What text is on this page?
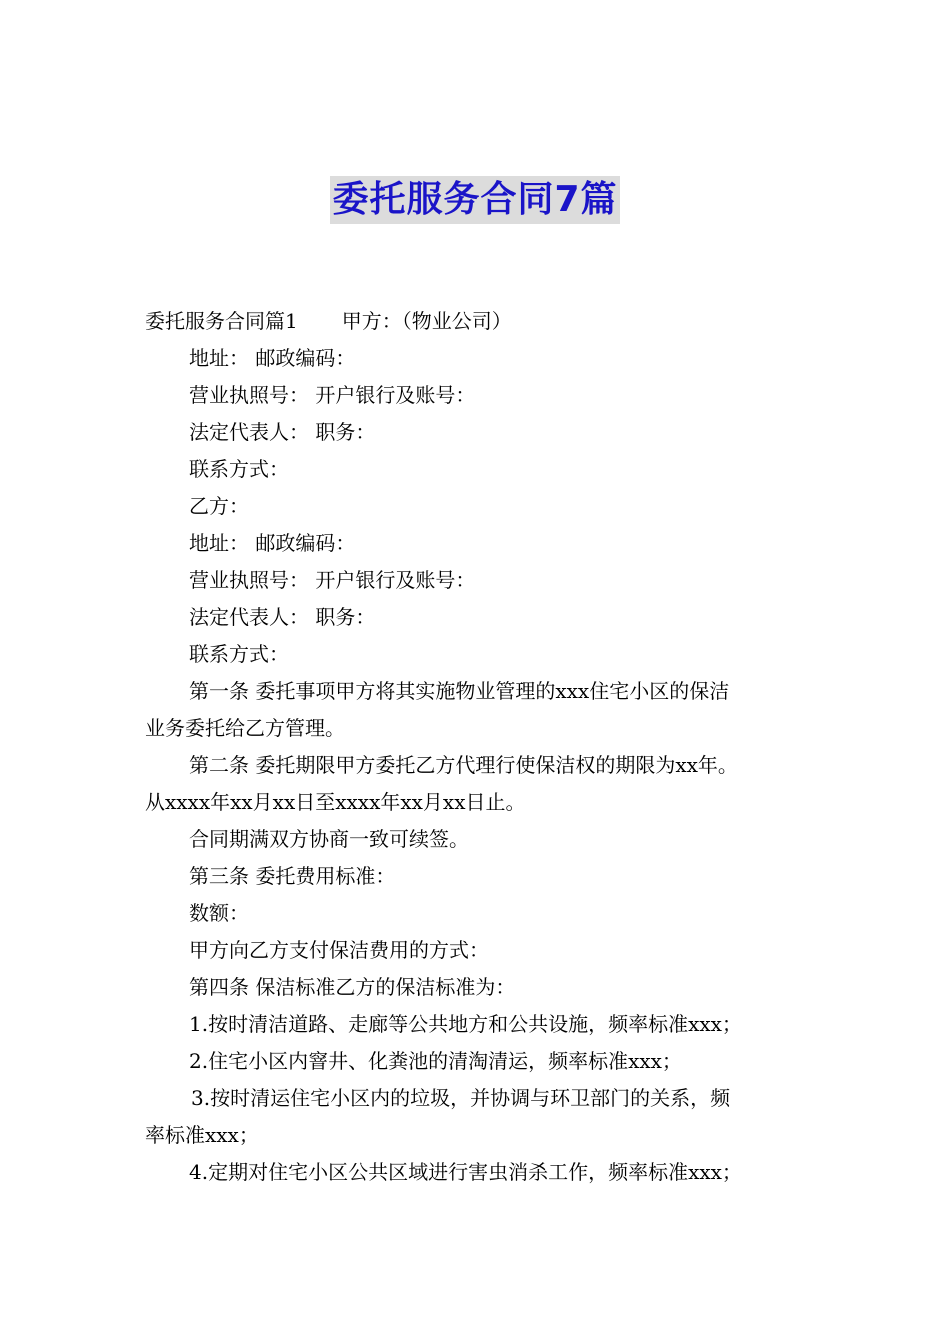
委托服务合同7篇
委托服务合同篇1 甲方：（物业公司）
地址： 邮政编码：
营业执照号： 开户银行及账号：
法定代表人： 职务：
联系方式：
乙方：
地址： 邮政编码：
营业执照号： 开户银行及账号：
法定代表人： 职务：
联系方式：
第一条 委托事项甲方将其实施物业管理的xxx住宅小区的保洁
业务委托给乙方管理。
第二条 委托期限甲方委托乙方代理行使保洁权的期限为xx年。
从xxxx年xx月xx日至xxxx年xx月xx日止。
合同期满双方协商一致可续签。
第三条 委托费用标准：
数额：
甲方向乙方支付保洁费用的方式：
第四条 保洁标准乙方的保洁标准为：
1.按时清洁道路、走廊等公共地方和公共设施，频率标准xxx；
2.住宅小区内窨井、化粪池的清淘清运，频率标准xxx；
3.按时清运住宅小区内的垃圾，并协调与环卫部门的关系，频
率标准xxx；
4.定期对住宅小区公共区域进行害虫消杀工作，频率标准xxx；
